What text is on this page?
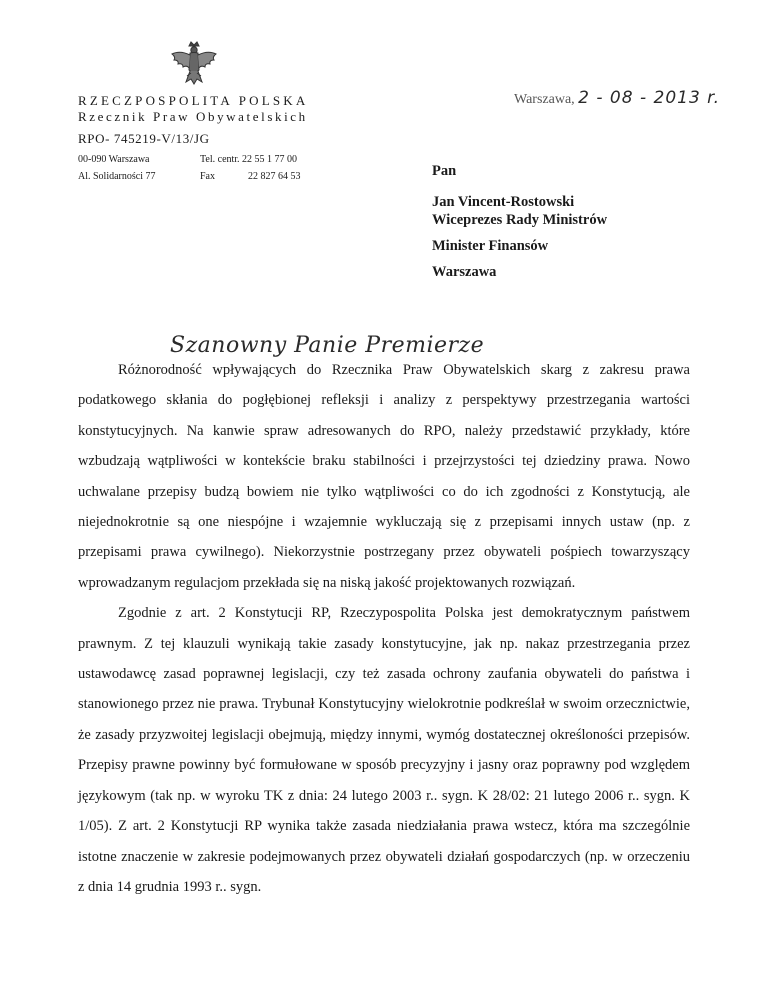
RZECZPOSPOLITA POLSKA
Rzecznik Praw Obywatelskich
RPO- 745219-V/13/JG
00-090 Warszawa
Al. Solidarności 77
Tel. centr. 22 55 1 77 00
Fax	22 827 64 53
Warszawa, 2 - 08 - 2013 r.
Pan
Jan Vincent-Rostowski
Wiceprezes Rady Ministrów
Minister Finansów
Warszawa
Szanowny Panie Premierze

Różnorodność wpływających do Rzecznika Praw Obywatelskich skarg z zakresu prawa podatkowego skłania do pogłębionej refleksji i analizy z perspektywy przestrzegania wartości konstytucyjnych. Na kanwie spraw adresowanych do RPO, należy przedstawić przykłady, które wzbudzają wątpliwości w kontekście braku stabilności i przejrzystości tej dziedziny prawa. Nowo uchwalane przepisy budzą bowiem nie tylko wątpliwości co do ich zgodności z Konstytucją, ale niejednokrotnie są one niespójne i wzajemnie wykluczają się z przepisami innych ustaw (np. z przepisami prawa cywilnego). Niekorzystnie postrzegany przez obywateli pośpiech towarzyszący wprowadzanym regulacjom przekłada się na niską jakość projektowanych rozwiązań.

Zgodnie z art. 2 Konstytucji RP, Rzeczypospolita Polska jest demokratycznym państwem prawnym. Z tej klauzuli wynikają takie zasady konstytucyjne, jak np. nakaz przestrzegania przez ustawodawcę zasad poprawnej legislacji, czy też zasada ochrony zaufania obywateli do państwa i stanowionego przez nie prawa. Trybunał Konstytucyjny wielokrotnie podkreślał w swoim orzecznictwie, że zasady przyzwoitej legislacji obejmują, między innymi, wymóg dostatecznej określoności przepisów. Przepisy prawne powinny być formułowane w sposób precyzyjny i jasny oraz poprawny pod względem językowym (tak np. w wyroku TK z dnia: 24 lutego 2003 r.. sygn. K 28/02: 21 lutego 2006 r.. sygn. K 1/05). Z art. 2 Konstytucji RP wynika także zasada niedziałania prawa wstecz, która ma szczególnie istotne znaczenie w zakresie podejmowanych przez obywateli działań gospodarczych (np. w orzeczeniu z dnia 14 grudnia 1993 r.. sygn.
